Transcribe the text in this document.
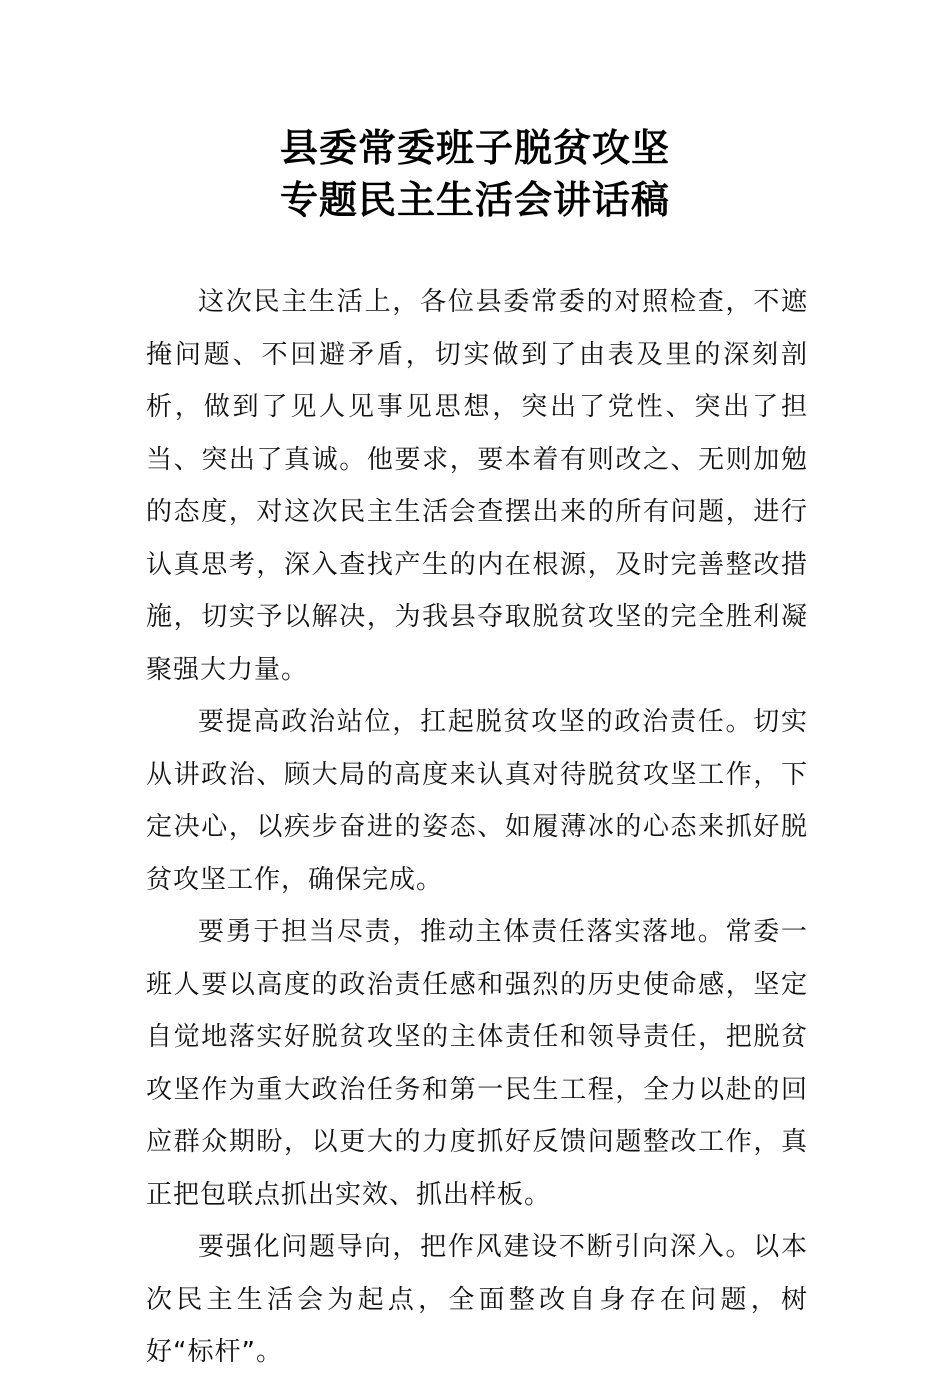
县委常委班子脱贫攻坚
专题民主生活会讲话稿

这次民主生活上，各位县委常委的对照检查，不遮掩问题、不回避矛盾，切实做到了由表及里的深刻剖析，做到了见人见事见思想，突出了党性、突出了担当、突出了真诚。他要求，要本着有则改之、无则加勉的态度，对这次民主生活会查摆出来的所有问题，进行认真思考，深入查找产生的内在根源，及时完善整改措施，切实予以解决，为我县夺取脱贫攻坚的完全胜利凝聚强大力量。

要提高政治站位，扛起脱贫攻坚的政治责任。切实从讲政治、顾大局的高度来认真对待脱贫攻坚工作，下定决心，以疾步奋进的姿态、如履薄冰的心态来抓好脱贫攻坚工作，确保完成。

要勇于担当尽责，推动主体责任落实落地。常委一班人要以高度的政治责任感和强烈的历史使命感，坚定自觉地落实好脱贫攻坚的主体责任和领导责任，把脱贫攻坚作为重大政治任务和第一民生工程，全力以赴的回应群众期盼，以更大的力度抓好反馈问题整改工作，真正把包联点抓出实效、抓出样板。

要强化问题导向，把作风建设不断引向深入。以本次民主生活会为起点，全面整改自身存在问题，树好“标杆”。
